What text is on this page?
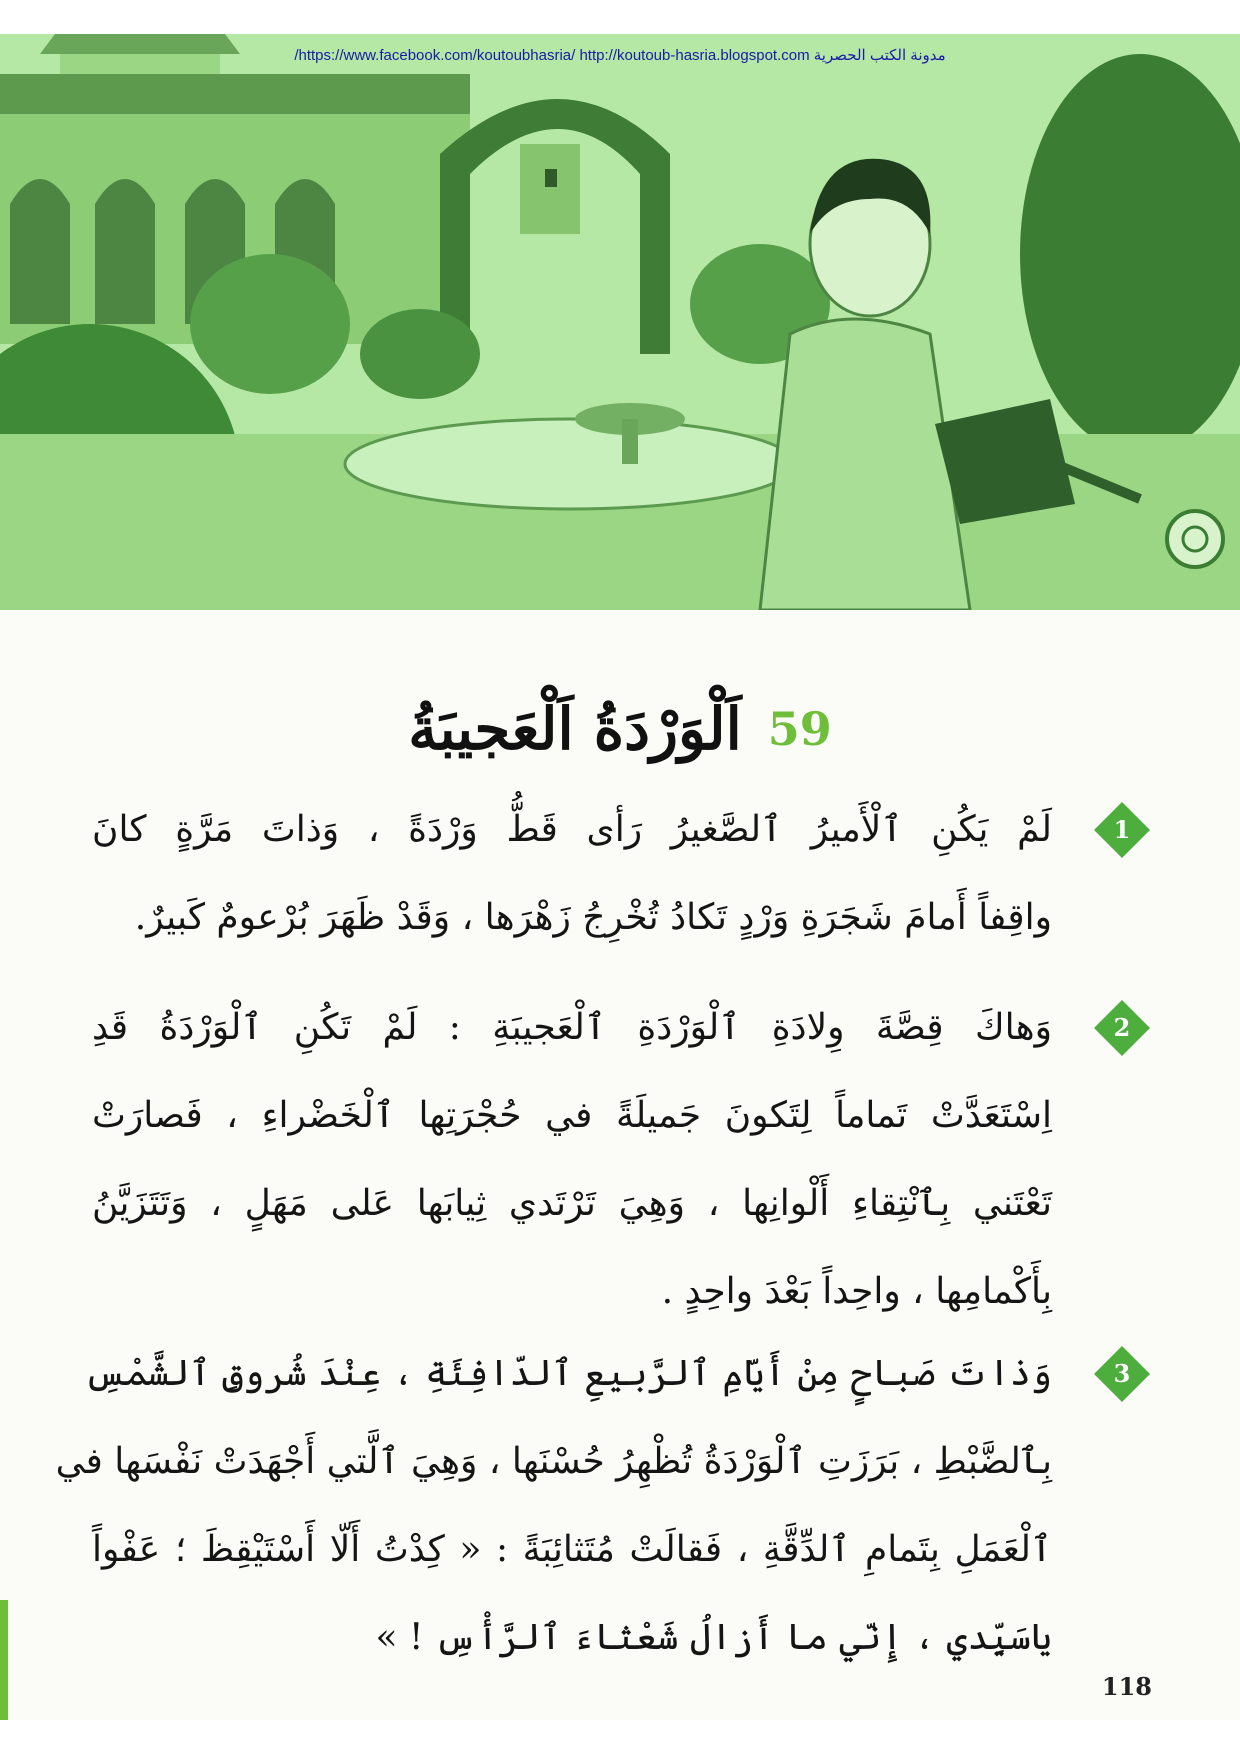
/https://www.facebook.com/koutoubhasria/ http://koutoub-hasria.blogspot.com مدونة الكتب الحصرية
اَلْوَرْدَةُ اَلْعَجيبَةُ 59
1
لَمْ يَكُنِ ٱلْأَميرُ ٱلصَّغيرُ رَأى قَطُّ وَرْدَةً ، وَذاتَ مَرَّةٍ كانَ
واقِفاً أَمامَ شَجَرَةِ وَرْدٍ تَكادُ تُخْرِجُ زَهْرَها ، وَقَدْ ظَهَرَ بُرْعومٌ كَبيرٌ.
2
وَهاكَ قِصَّةَ وِلادَةِ ٱلْوَرْدَةِ ٱلْعَجيبَةِ : لَمْ تَكُنِ ٱلْوَرْدَةُ قَدِ
اِسْتَعَدَّتْ تَماماً لِتَكونَ جَميلَةً في حُجْرَتِها ٱلْخَضْراءِ ، فَصارَتْ
تَعْتَني بِٱنْتِقاءِ أَلْوانِها ، وَهِيَ تَرْتَدي ثِيابَها عَلى مَهَلٍ ، وَتَتَزَيَّنُ
بِأَكْمامِها ، واحِداً بَعْدَ واحِدٍ .
3
وَذاتَ صَباحٍ مِنْ أَيّامِ ٱلرَّبيعِ ٱلدّافِئَةِ ، عِنْدَ شُروقِ ٱلشَّمْسِ
بِٱلضَّبْطِ ، بَرَزَتِ ٱلْوَرْدَةُ تُظْهِرُ حُسْنَها ، وَهِيَ ٱلَّتي أَجْهَدَتْ نَفْسَها في
ٱلْعَمَلِ بِتَمامِ ٱلدِّقَّةِ ، فَقالَتْ مُتَثائِبَةً : « كِدْتُ أَلّا أَسْتَيْقِظَ ؛ عَفْواً
ياسَيِّدي ، إِنّي ما أَزالُ شَعْثاءَ ٱلرَّأْسِ ! »
118
